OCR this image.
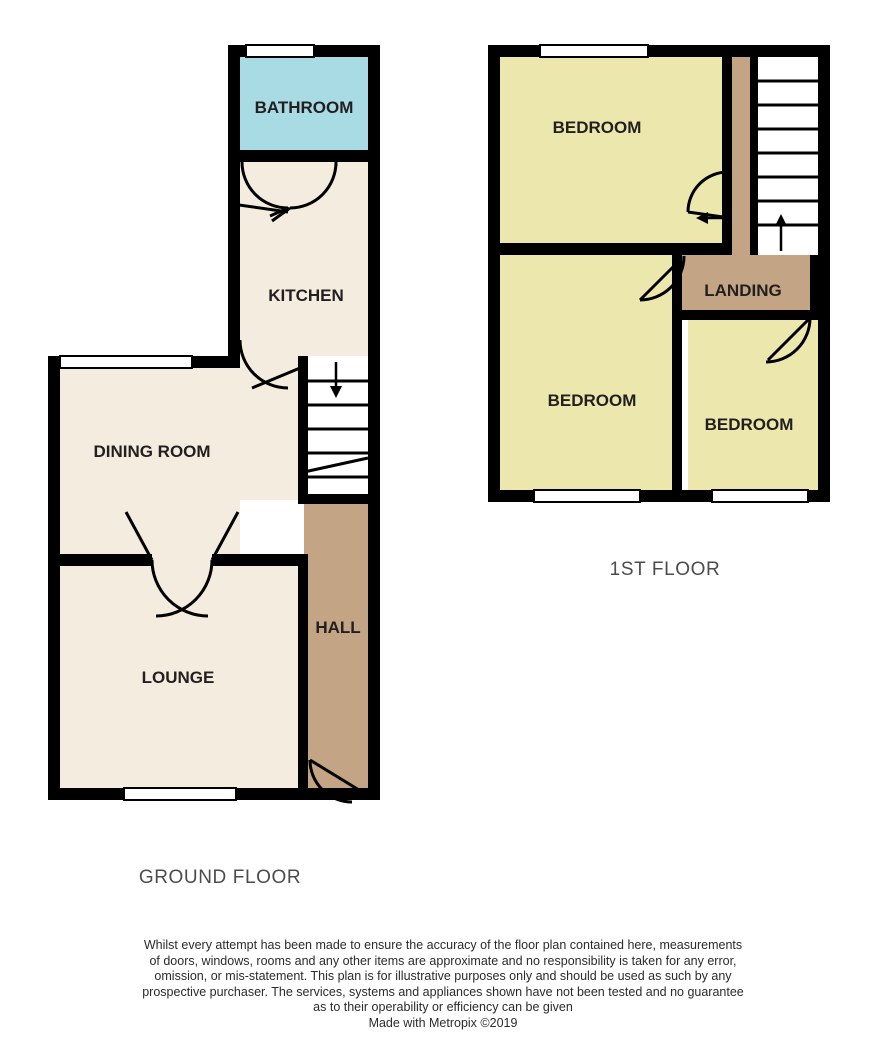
BATHROOM
KITCHEN
DINING ROOM
HALL
LOUNGE
BEDROOM
LANDING
BEDROOM
BEDROOM
GROUND FLOOR
1ST FLOOR

Whilst every attempt has been made to ensure the accuracy of the floor plan contained here, measurements

of doors, windows, rooms and any other items are approximate and no responsibility is taken for any error,

omission, or mis-statement. This plan is for illustrative purposes only and should be used as such by any

prospective purchaser. The services, systems and appliances shown have not been tested and no guarantee

as to their operability or efficiency can be given

Made with Metropix ©2019
